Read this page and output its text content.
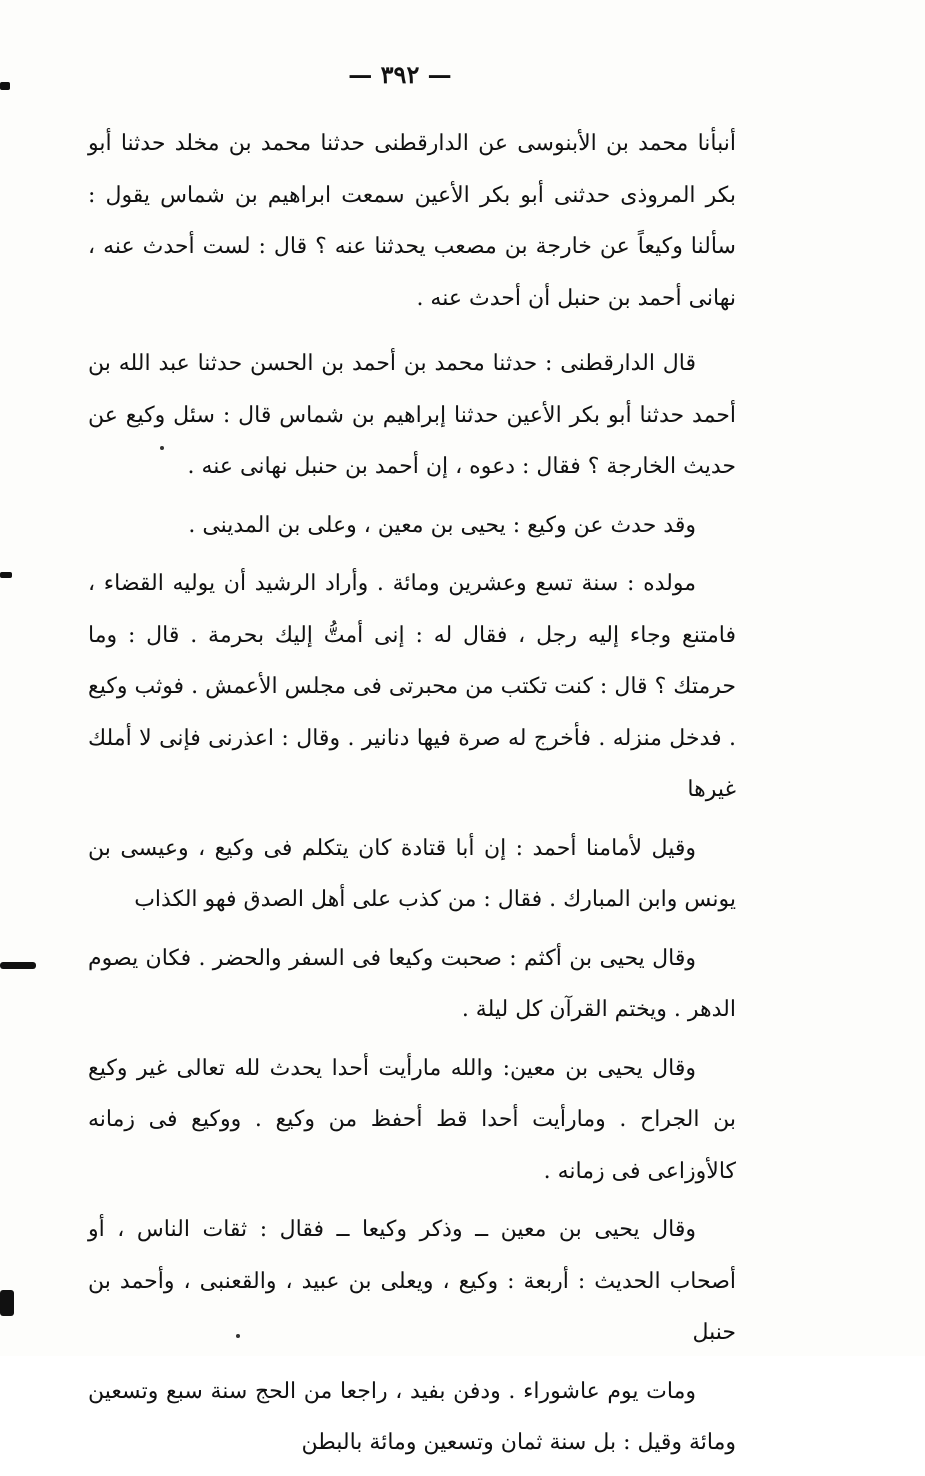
— ٣٩٢ —

أنبأنا محمد بن الأبنوسى عن الدارقطنى حدثنا محمد بن مخلد حدثنا أبو بكر المروذى حدثنى أبو بكر الأعين سمعت ابراهيم بن شماس يقول : سألنا وكيعاً عن خارجة بن مصعب يحدثنا عنه ؟ قال : لست أحدث عنه ، نهانى أحمد بن حنبل أن أحدث عنه .

قال الدارقطنى : حدثنا محمد بن أحمد بن الحسن حدثنا عبد الله بن أحمد حدثنا أبو بكر الأعين حدثنا إبراهيم بن شماس قال : سئل وكيع عن حديث الخارجة ؟ فقال : دعوه ، إن أحمد بن حنبل نهانى عنه .

وقد حدث عن وكيع : يحيى بن معين ، وعلى بن المدينى .

مولده : سنة تسع وعشرين ومائة . وأراد الرشيد أن يوليه القضاء ، فامتنع وجاء إليه رجل ، فقال له : إنى أمتُّ إليك بحرمة . قال : وما حرمتك ؟ قال : كنت تكتب من محبرتى فى مجلس الأعمش . فوثب وكيع . فدخل منزله . فأخرج له صرة فيها دنانير . وقال : اعذرنى فإنى لا أملك غيرها

وقيل لأمامنا أحمد : إن أبا قتادة كان يتكلم فى وكيع ، وعيسى بن يونس وابن المبارك . فقال : من كذب على أهل الصدق فهو الكذاب

وقال يحيى بن أكثم : صحبت وكيعا فى السفر والحضر . فكان يصوم الدهر . ويختم القرآن كل ليلة .

وقال يحيى بن معين: والله مارأيت أحدا يحدث لله تعالى غير وكيع بن الجراح . ومارأيت أحدا قط أحفظ من وكيع . ووكيع فى زمانه كالأوزاعى فى زمانه .

وقال يحيى بن معين ــ وذكر وكيعا ــ فقال : ثقات الناس ، أو أصحاب الحديث : أربعة : وكيع ، ويعلى بن عبيد ، والقعنبى ، وأحمد بن حنبل

ومات يوم عاشوراء . ودفن بفيد ، راجعا من الحج سنة سبع وتسعين ومائة وقيل : بل سنة ثمان وتسعين ومائة بالبطن
